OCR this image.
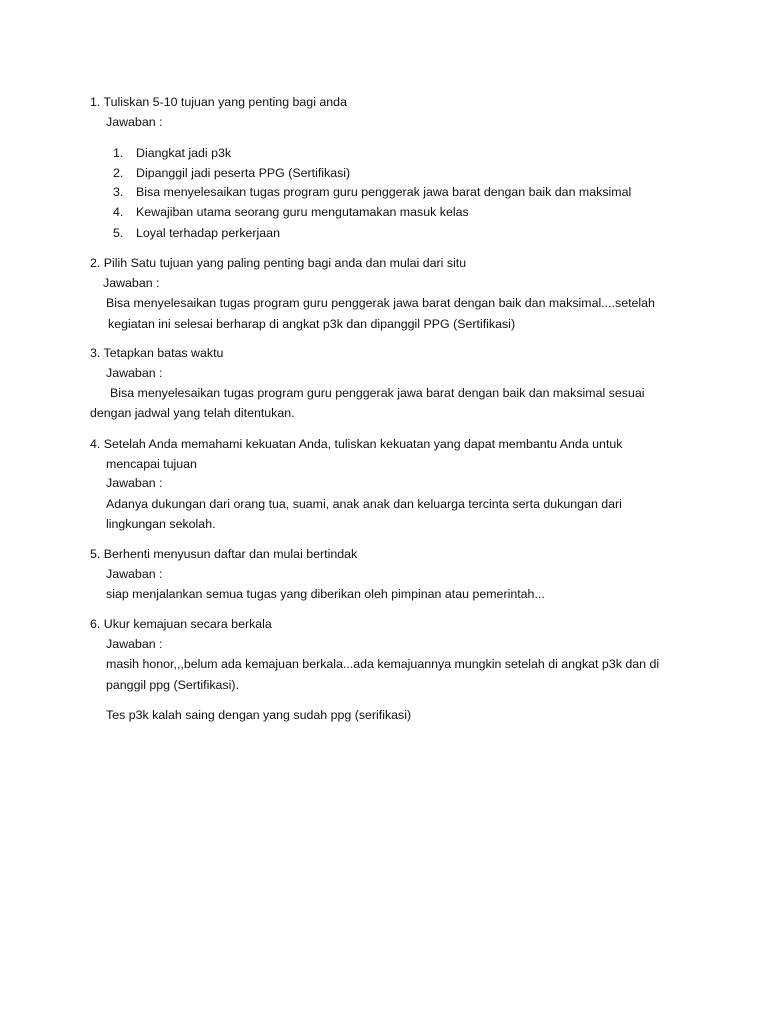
1. Tuliskan 5-10 tujuan yang penting bagi anda
Jawaban :
1. Diangkat jadi p3k
2. Dipanggil jadi peserta PPG (Sertifikasi)
3. Bisa menyelesaikan tugas program guru penggerak jawa barat dengan baik dan maksimal
4. Kewajiban utama seorang guru mengutamakan masuk kelas
5. Loyal terhadap perkerjaan
2. Pilih Satu tujuan yang paling penting bagi anda dan mulai dari situ
Jawaban :
Bisa menyelesaikan tugas program guru penggerak jawa barat dengan baik dan maksimal....setelah
kegiatan ini selesai berharap di angkat p3k dan dipanggil PPG (Sertifikasi)
3. Tetapkan batas waktu
Jawaban :
Bisa menyelesaikan tugas program guru penggerak jawa barat dengan baik dan maksimal sesuai
dengan jadwal yang telah ditentukan.
4. Setelah Anda memahami kekuatan Anda, tuliskan kekuatan yang dapat membantu Anda untuk
mencapai tujuan
Jawaban :
Adanya dukungan dari orang tua, suami, anak anak dan keluarga tercinta serta dukungan dari
lingkungan sekolah.
5. Berhenti menyusun daftar dan mulai bertindak
Jawaban :
siap menjalankan semua tugas yang diberikan oleh pimpinan atau pemerintah...
6. Ukur kemajuan secara berkala
Jawaban :
masih honor,,,belum ada kemajuan berkala...ada kemajuannya mungkin setelah di angkat p3k dan di
panggil ppg (Sertifikasi).
Tes p3k kalah saing dengan yang sudah ppg (serifikasi)
